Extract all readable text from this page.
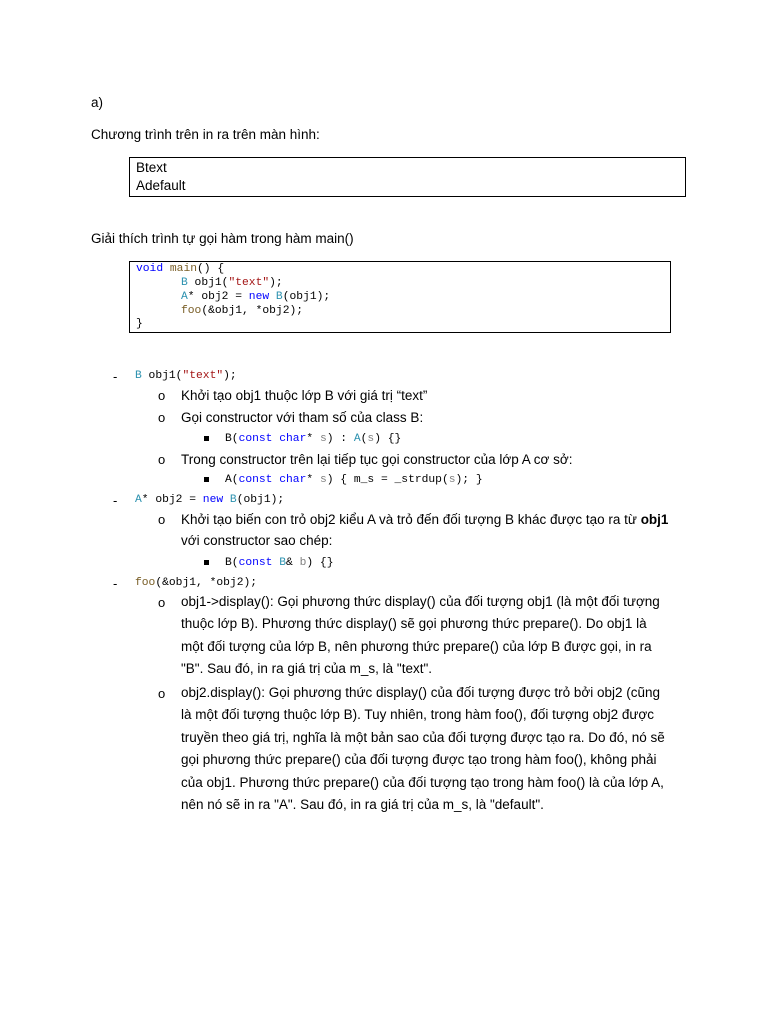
a)
Chương trình trên in ra trên màn hình:
Btext
Adefault
Giải thích trình tự gọi hàm trong hàm main()
void main() {
B obj1("text");
A* obj2 = new B(obj1);
foo(&obj1, *obj2);
}
- B obj1("text");
o Khởi tạo obj1 thuộc lớp B với giá trị “text”
o Gọi constructor với tham số của class B:
B(const char* s) : A(s) {}
o Trong constructor trên lại tiếp tục gọi constructor của lớp A cơ sở:
A(const char* s) { m_s = _strdup(s); }
- A* obj2 = new B(obj1);
o Khởi tạo biến con trỏ obj2 kiểu A và trỏ đến đối tượng B khác được tạo ra từ obj1
với constructor sao chép:
B(const B& b) {}
- foo(&obj1, *obj2);
o obj1->display(): Gọi phương thức display() của đối tượng obj1 (là một đối tượng
thuộc lớp B). Phương thức display() sẽ gọi phương thức prepare(). Do obj1 là
một đối tượng của lớp B, nên phương thức prepare() của lớp B được gọi, in ra
"B". Sau đó, in ra giá trị của m_s, là "text".
o obj2.display(): Gọi phương thức display() của đối tượng được trỏ bởi obj2 (cũng
là một đối tượng thuộc lớp B). Tuy nhiên, trong hàm foo(), đối tượng obj2 được
truyền theo giá trị, nghĩa là một bản sao của đối tượng được tạo ra. Do đó, nó sẽ
gọi phương thức prepare() của đối tượng được tạo trong hàm foo(), không phải
của obj1. Phương thức prepare() của đối tượng tạo trong hàm foo() là của lớp A,
nên nó sẽ in ra "A". Sau đó, in ra giá trị của m_s, là "default".
